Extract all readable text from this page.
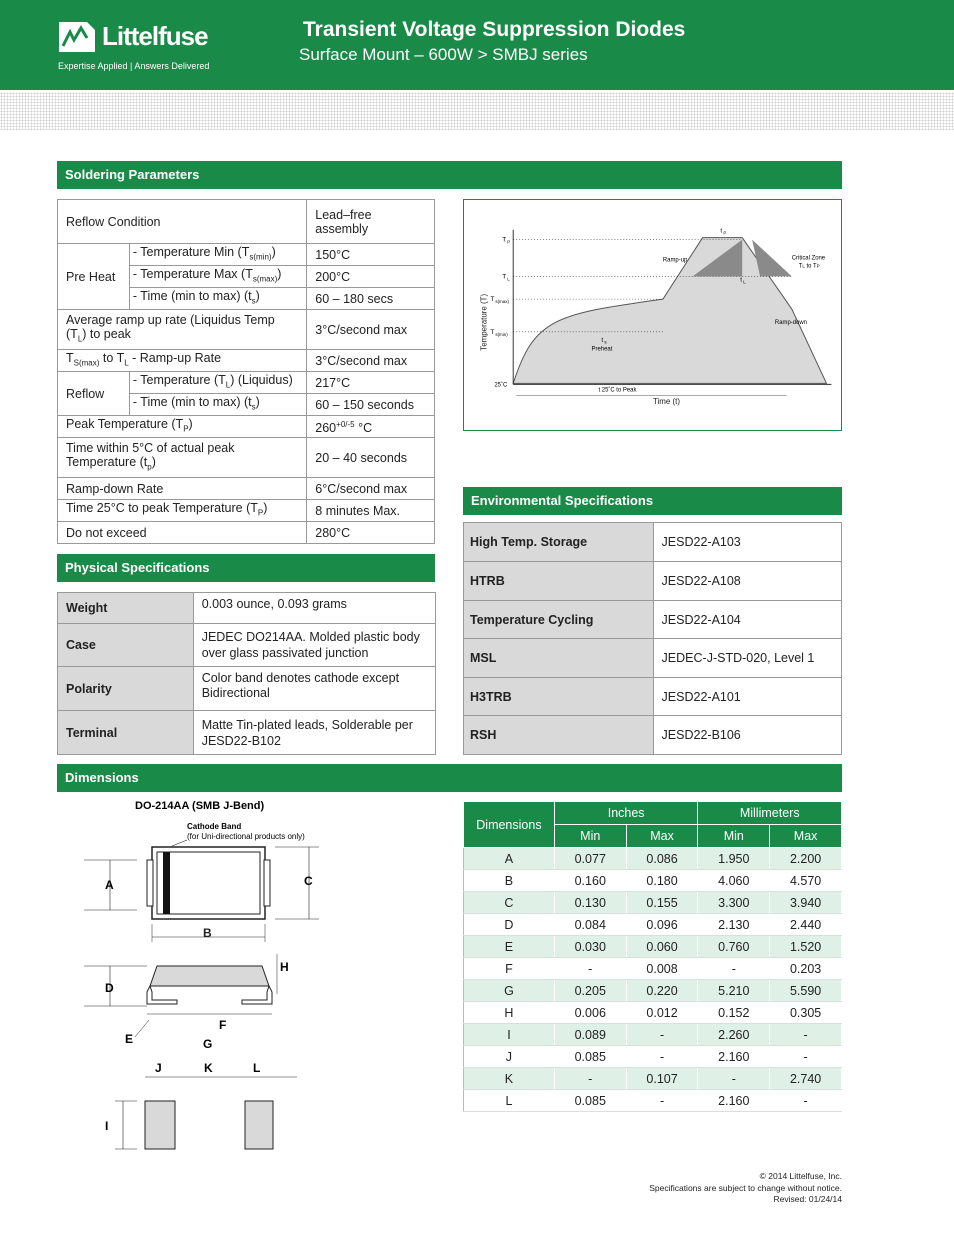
Littelfuse
Expertise Applied | Answers Delivered
Transient Voltage Suppression Diodes
Surface Mount – 600W > SMBJ series
Soldering Parameters
Reflow Condition		Lead–free assembly
Pre Heat	- Temperature Min $(T_{s(min)})$	150°C
	- Temperature Max $(T_{s(max)})$	200°C
	- Time (min to max) $(t_s)$	60 – 180 secs
Average ramp up rate (Liquidus Temp $(T_L)$ to peak		3°C/second max
$T_{S(max)}$ to $T_L$ - Ramp-up Rate		3°C/second max
Reflow	- Temperature $(T_L)$ (Liquidus)	217°C
	- Time (min to max) $(t_s)$	60 – 150 seconds
Peak Temperature $(T_P)$		$260^{+0/-5}$ °C
Time within 5°C of actual peak Temperature $(t_p)$		20 – 40 seconds
Ramp-down Rate		6°C/second max
Time 25°C to peak Temperature $(T_P)$		8 minutes Max.
Do not exceed		280°C
Temperature (T)
Time (t)
T P
T L
T s(max)
T s(min)
25˚C
Ramp-up
Ramp-down
Critical Zone
TL to TP
t s
Preheat
t L
t P
t 25˚C to Peak
Physical Specifications
Weight	0.003 ounce, 0.093 grams
Case	JEDEC DO214AA. Molded plastic body over glass passivated junction
Polarity	Color band denotes cathode except Bidirectional
Terminal	Matte Tin-plated leads, Solderable per JESD22-B102
Environmental Specifications
High Temp. Storage	JESD22-A103
HTRB	JESD22-A108
Temperature Cycling	JESD22-A104
MSL	JEDEC-J-STD-020, Level 1
H3TRB	JESD22-A101
RSH	JESD22-B106
Dimensions
DO-214AA (SMB J-Bend)
Cathode Band
(for Uni-directional products only)
A	C
B
D
H
F
E	G
J	K	L
I
Dimensions	Inches		Millimeters	
	Min	Max	Min	Max
A	0.077	0.086	1.950	2.200
B	0.160	0.180	4.060	4.570
C	0.130	0.155	3.300	3.940
D	0.084	0.096	2.130	2.440
E	0.030	0.060	0.760	1.520
F	-	0.008	-	0.203
G	0.205	0.220	5.210	5.590
H	0.006	0.012	0.152	0.305
I	0.089	-	2.260	-
J	0.085	-	2.160	-
K	-	0.107	-	2.740
L	0.085	-	2.160	-
© 2014 Littelfuse, Inc.
Specifications are subject to change without notice.
Revised: 01/24/14
